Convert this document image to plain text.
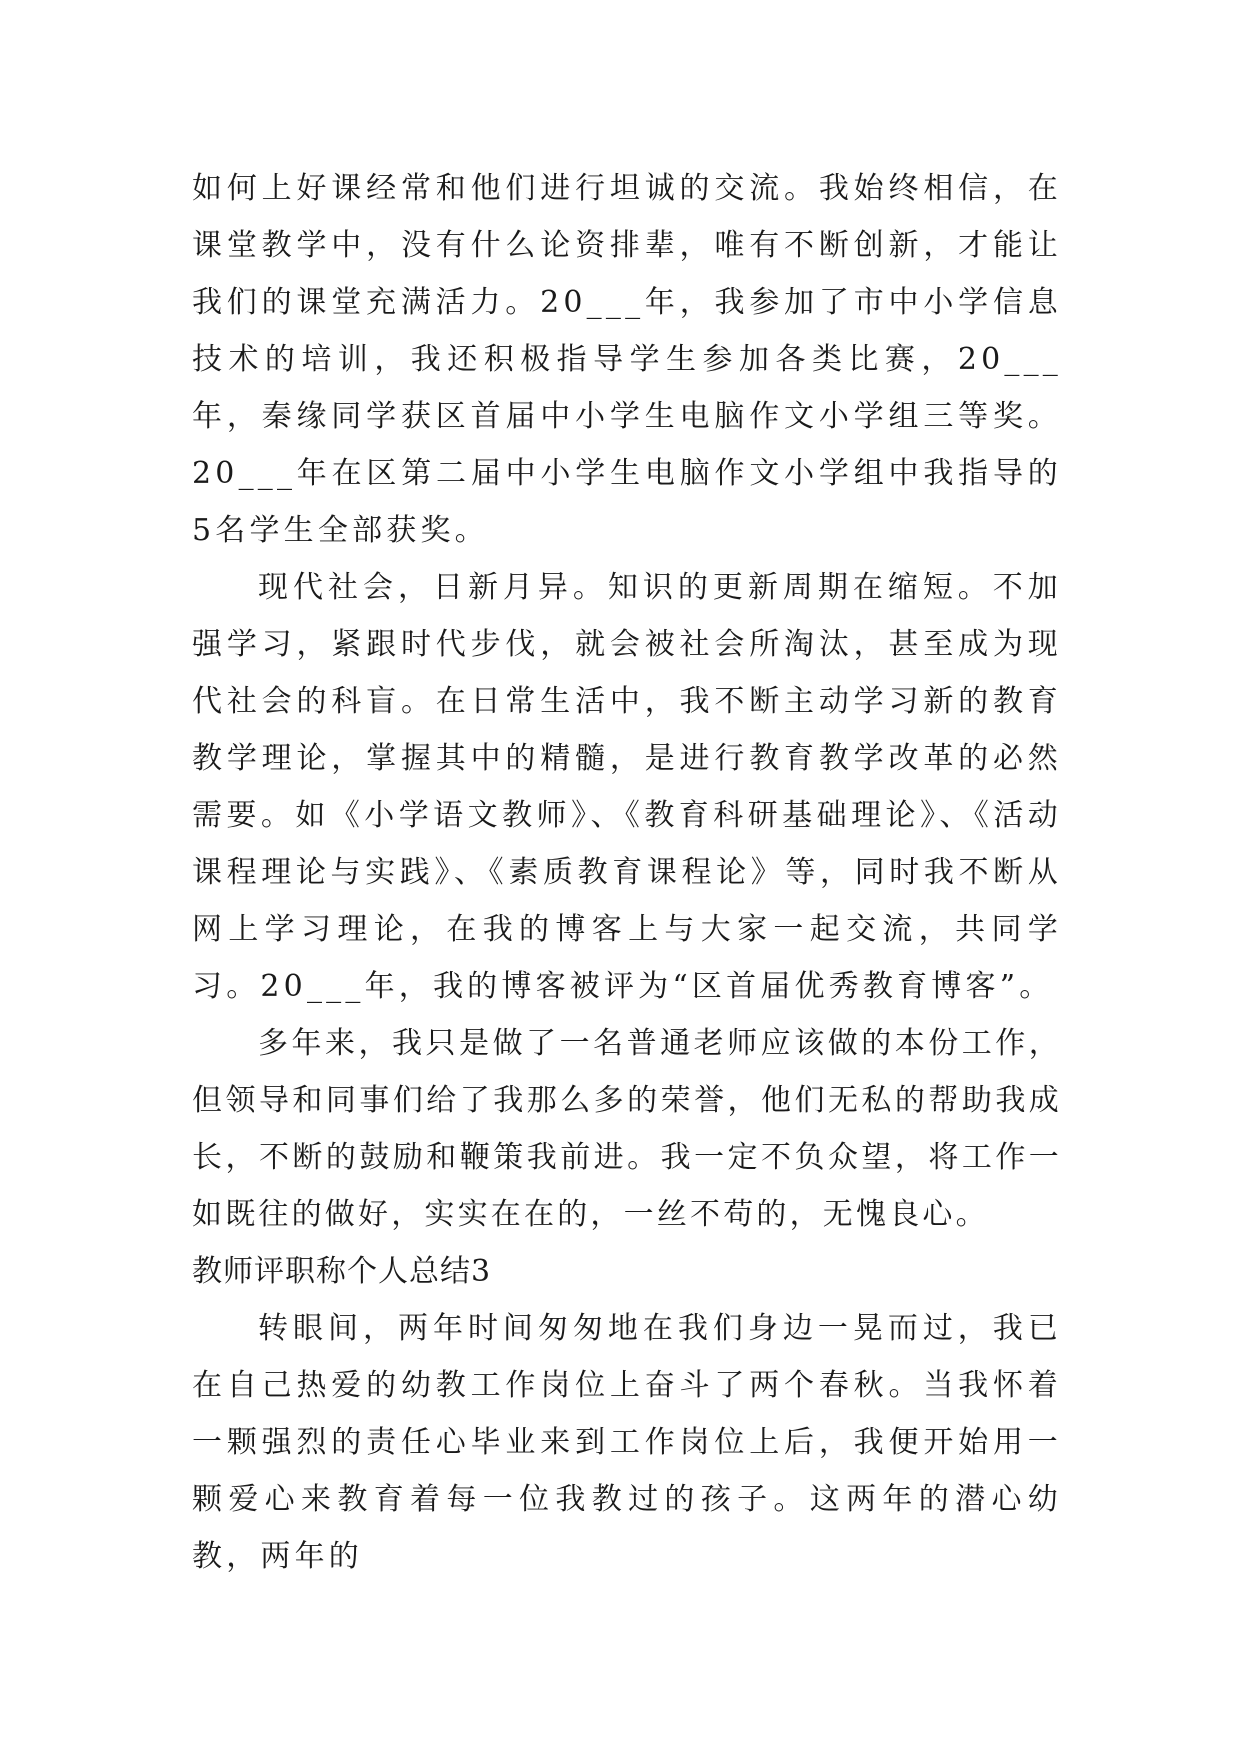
如何上好课经常和他们进行坦诚的交流。我始终相信，在课堂教学中，没有什么论资排辈，唯有不断创新，才能让我们的课堂充满活力。20___年，我参加了市中小学信息技术的培训，我还积极指导学生参加各类比赛，20___年，秦缘同学获区首届中小学生电脑作文小学组三等奖。20___年在区第二届中小学生电脑作文小学组中我指导的5名学生全部获奖。

现代社会，日新月异。知识的更新周期在缩短。不加强学习，紧跟时代步伐，就会被社会所淘汰，甚至成为现代社会的科盲。在日常生活中，我不断主动学习新的教育教学理论，掌握其中的精髓，是进行教育教学改革的必然需要。如《小学语文教师》、《教育科研基础理论》、《活动课程理论与实践》、《素质教育课程论》等，同时我不断从网上学习理论，在我的博客上与大家一起交流，共同学习。20___年，我的博客被评为“区首届优秀教育博客”。

多年来，我只是做了一名普通老师应该做的本份工作，但领导和同事们给了我那么多的荣誉，他们无私的帮助我成长，不断的鼓励和鞭策我前进。我一定不负众望，将工作一如既往的做好，实实在在的，一丝不苟的，无愧良心。

教师评职称个人总结3

转眼间，两年时间匆匆地在我们身边一晃而过，我已在自己热爱的幼教工作岗位上奋斗了两个春秋。当我怀着一颗强烈的责任心毕业来到工作岗位上后，我便开始用一颗爱心来教育着每一位我教过的孩子。这两年的潜心幼教，两年的
